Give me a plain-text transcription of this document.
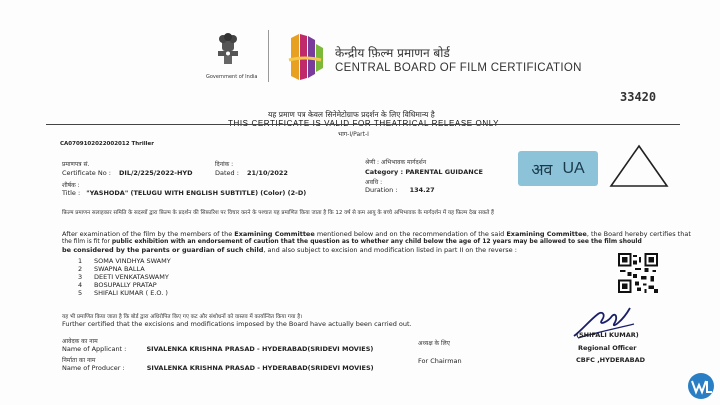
Government of India
केन्द्रीय फ़िल्म प्रमाणन बोर्ड
CENTRAL BOARD OF FILM CERTIFICATION
33420
यह प्रमाण पत्र केवल सिनेमेटोग्राफ प्रदर्शन के लिए विधिमान्य है
भाग-I/Part-I
CA0709102022002012 Thriller
प्रमाणपत्र सं.
Certificate No : DIL/2/225/2022-HYD
दिनांक :
Dated : 21/10/2022
श्रेणी : अभिभावक मार्गदर्शन
Category : PARENTAL GUIDANCE
अवधि :
Duration : 134.27
शीर्षक :
Title : "YASHODA" (TELUGU WITH ENGLISH SUBTITLE) (Color) (2-D)
अव UA
फ़िल्म प्रमाणन सलाहकार समिति के सदस्यों द्वारा फ़िल्म के प्रदर्शन की सिफ़ारिश पर विचार करने के पश्चात यह प्रमाणित किया जाता है कि 12 वर्ष से कम आयु के बच्चे अभिभावक के मार्गदर्शन में यह फ़िल्म देख सकते हैं
After examination of the film by the members of the Examining Committee mentioned below and on the recommendation of the said Examining Committee, the Board hereby certifies that
the film is fit for public exhibition with an endorsement of caution that the question as to whether any child below the age of 12 years may be allowed to see the film should
be considered by the parents or guardian of such child, and also subject to excision and modification listed in part II on the reverse :
1 SOMA VINDHYA SWAMY
2 SWAPNA BALLA
3 DEETI VENKATASWAMY
4 BOSUPALLY PRATAP
5 SHIFALI KUMAR ( E.O. )
यह भी प्रमाणित किया जाता है कि बोर्ड द्वारा अधिरोपित किए गए कट और संशोधनों को वास्तव में कार्यान्वित किया गया है।
Further certified that the excisions and modifications imposed by the Board have actually been carried out.
आवेदक का नाम
Name of Applicant :	SIVALENKA KRISHNA PRASAD - HYDERABAD(SRIDEVI MOVIES)
निर्माता का नाम
Name of Producer :	SIVALENKA KRISHNA PRASAD - HYDERABAD(SRIDEVI MOVIES)
अध्यक्ष के लिए
For Chairman
(SHIFALI KUMAR)
Regional Officer
CBFC ,HYDERABAD
